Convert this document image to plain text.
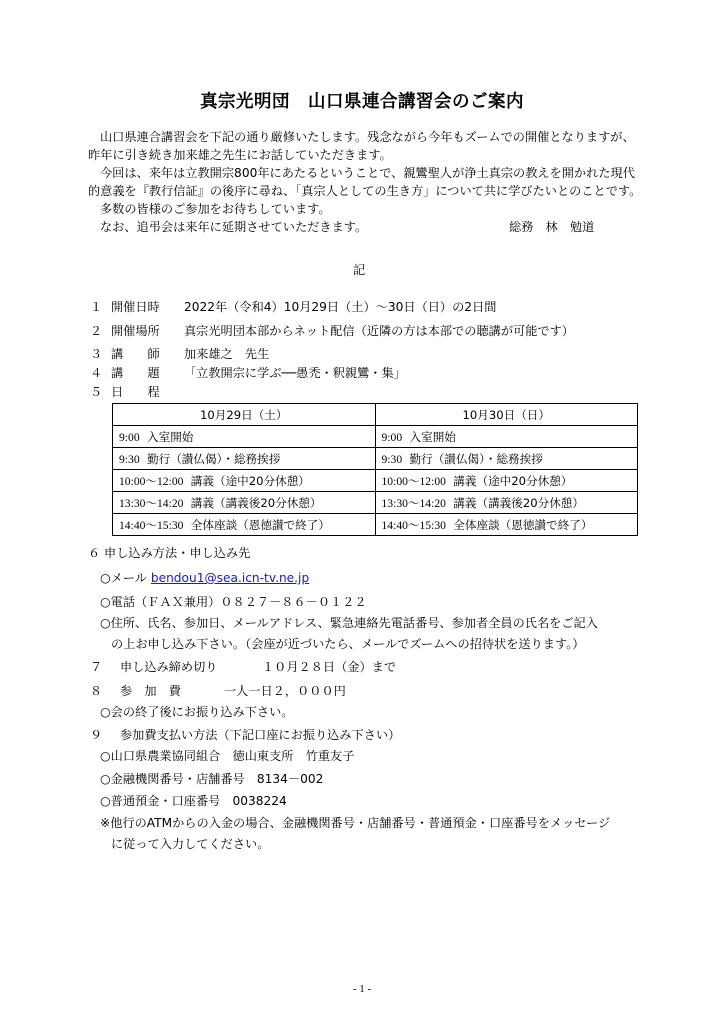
真宗光明団　山口県連合講習会のご案内
山口県連合講習会を下記の通り厳修いたします。残念ながら今年もズームでの開催となりますが、
昨年に引き続き加来雄之先生にお話していただきます。
今回は、来年は立教開宗800年にあたるということで、親鸞聖人が浄土真宗の教えを開かれた現代
的意義を『教行信証』の後序に尋ね、「真宗人としての生き方」について共に学びたいとのことです。
多数の皆様のご参加をお待ちしています。
なお、追弔会は来年に延期させていただきます。	総務　林　勉道
記
１ 開催日時 2022年（令和4）10月29日（土）～30日（日）の2日間
２ 開催場所 真宗光明団本部からネット配信（近隣の方は本部での聴講が可能です）
３ 講　　師 加来雄之　先生
４ 講　　題 「立教開宗に学ぶ──愚禿・釈親鸞・集」
５ 日　　程
10月29日（土）	10月30日（日）
9:00 入室開始	9:00 入室開始
9:30 勤行（讃仏偈）・総務挨拶	9:30 勤行（讃仏偈）・総務挨拶
10:00～12:00 講義（途中20分休憩）	10:00～12:00 講義（途中20分休憩）
13:30～14:20 講義（講義後20分休憩）	13:30～14:20 講義（講義後20分休憩）
14:40～15:30 全体座談（恩徳讃で終了）	14:40～15:30 全体座談（恩徳讃で終了）
６ 申し込み方法・申し込み先
○メール bendou1@sea.icn-tv.ne.jp
○電話（ＦＡＸ兼用）０８２７－８６－０１２２
○住所、氏名、参加日、メールアドレス、緊急連絡先電話番号、参加者全員の氏名をご記入
の上お申し込み下さい。（会座が近づいたら、メールでズームへの招待状を送ります。）
７ 申し込み締め切り	１０月２８日（金）まで
８ 参　加　費	一人一日２，０００円
○会の終了後にお振り込み下さい。
９ 参加費支払い方法（下記口座にお振り込み下さい）
○山口県農業協同組合　徳山東支所　竹重友子
○金融機関番号・店舗番号　8134－002
○普通預金・口座番号　0038224
※他行のATMからの入金の場合、金融機関番号・店舗番号・普通預金・口座番号をメッセージ
に従って入力してください。
- 1 -
